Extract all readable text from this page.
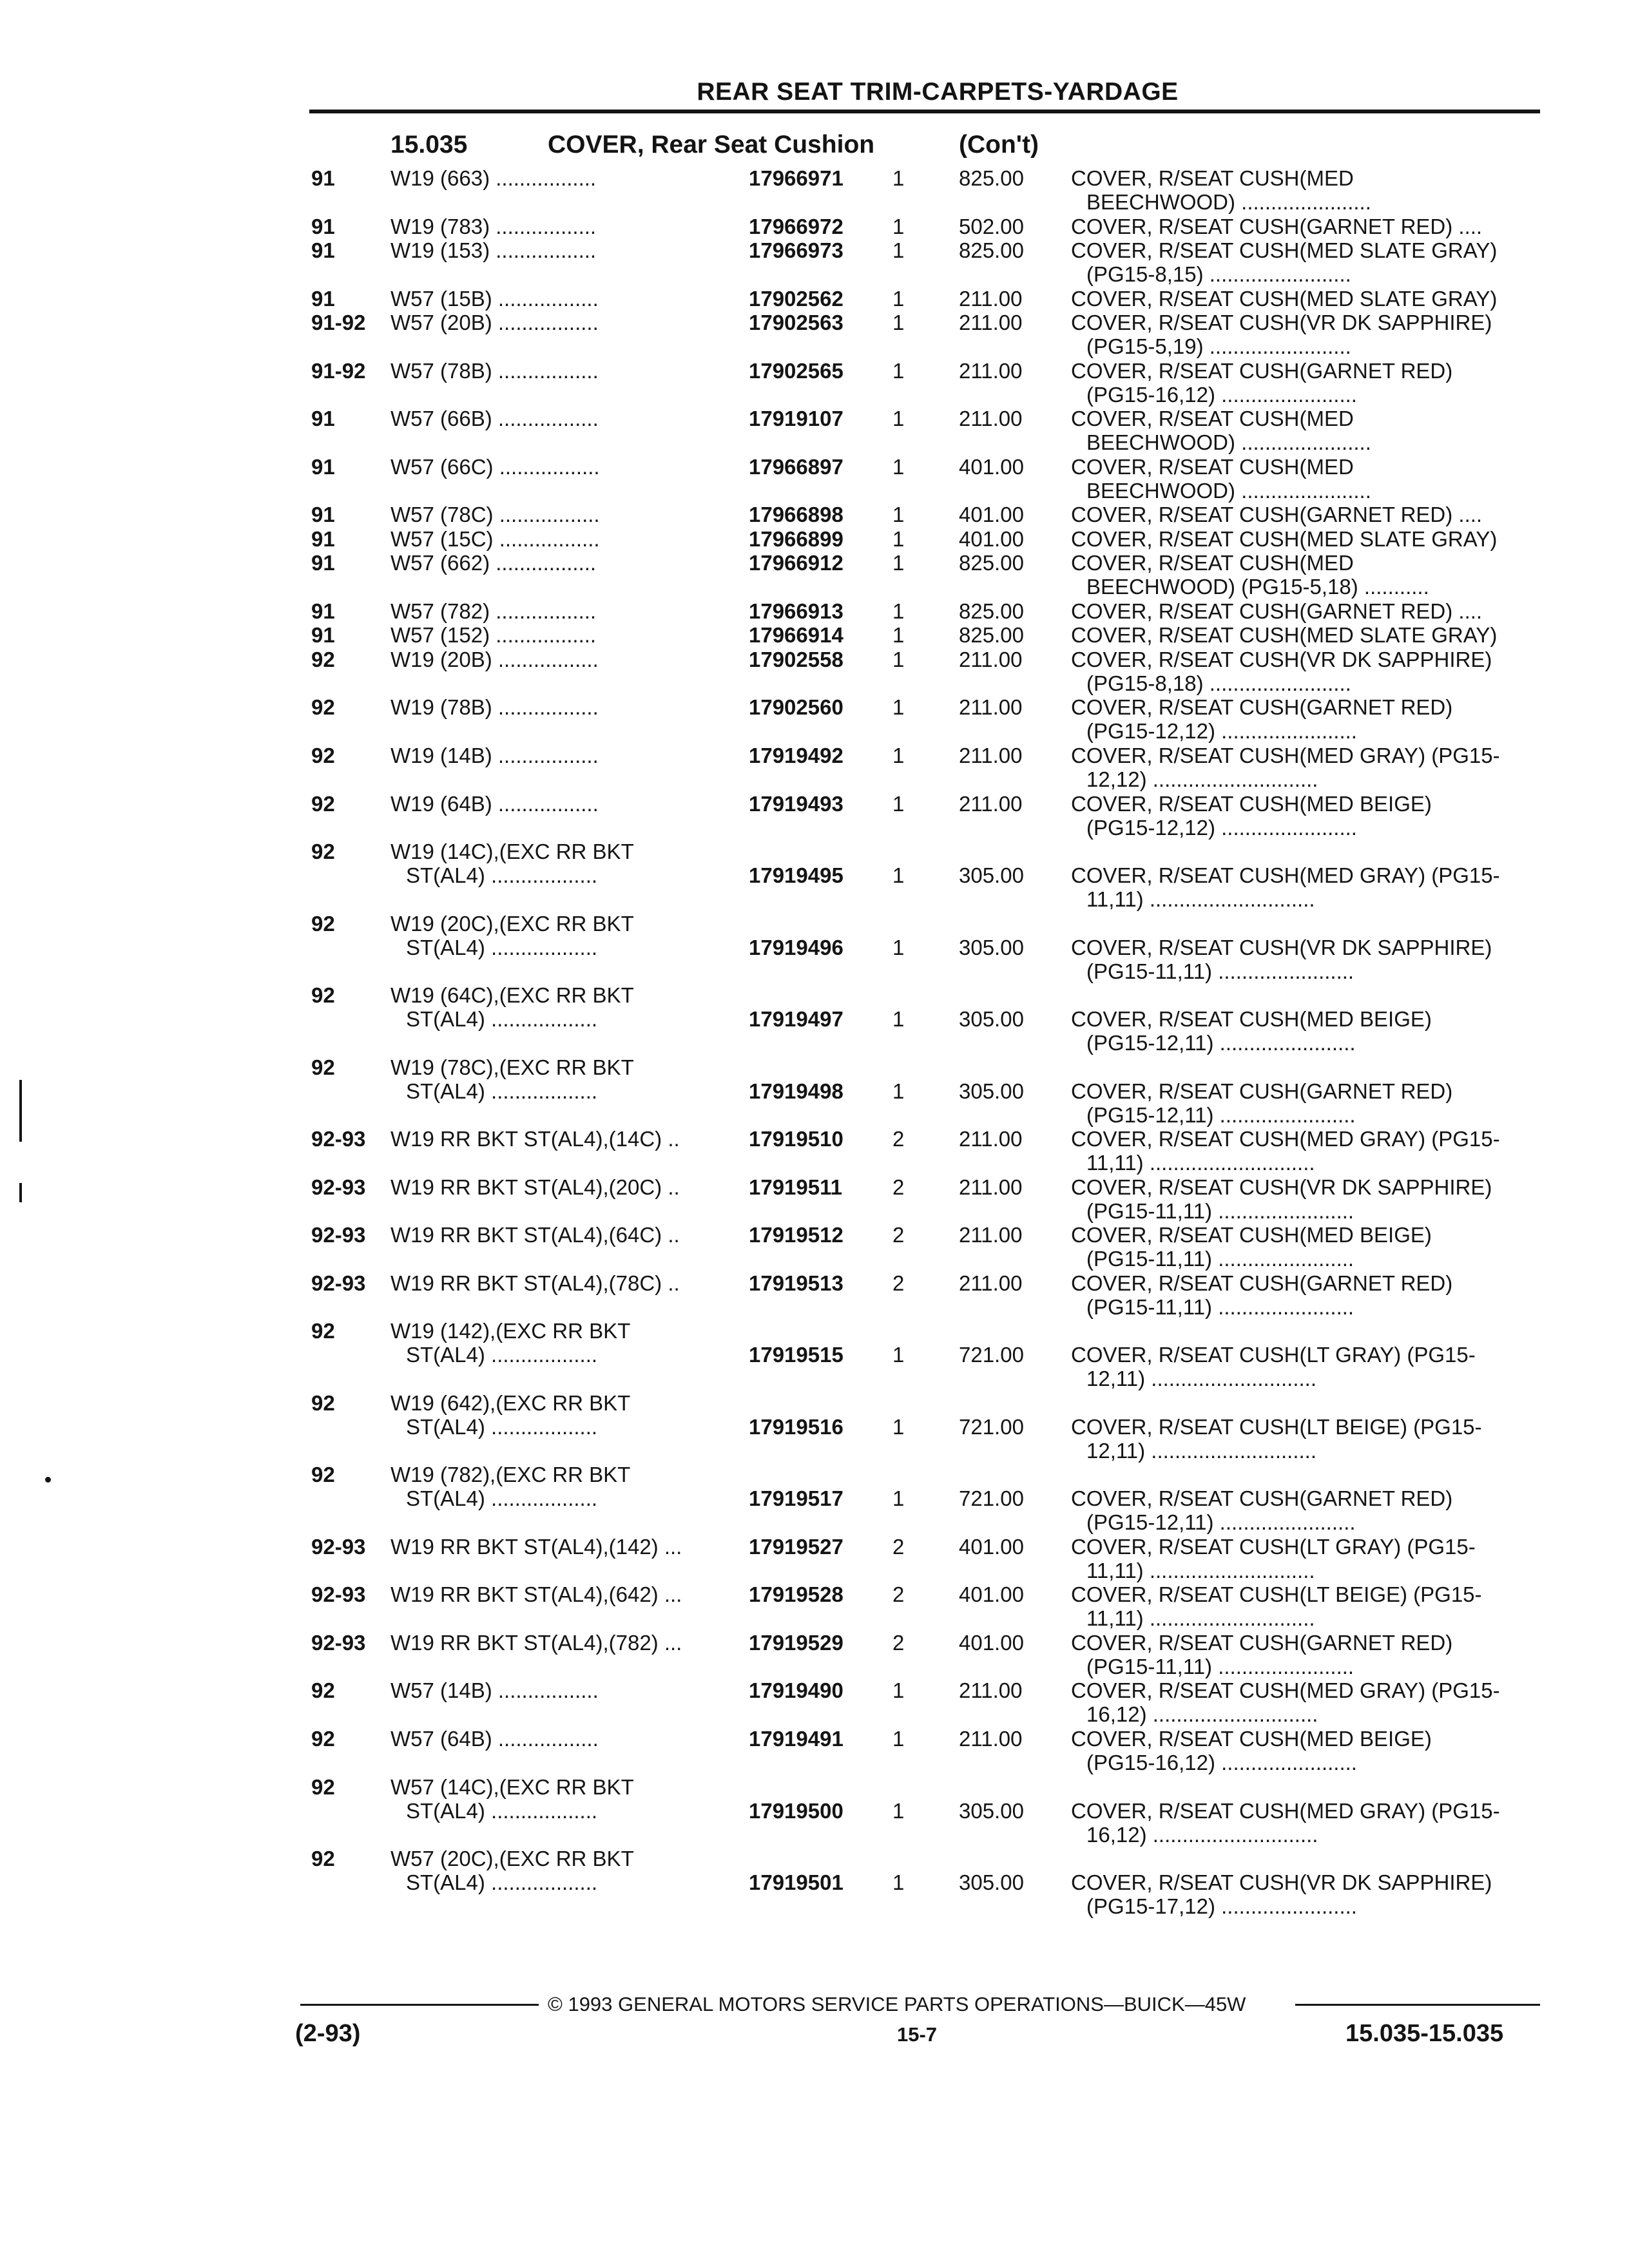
REAR SEAT TRIM-CARPETS-YARDAGE
15.035	COVER, Rear Seat Cushion	(Con't)
91	W19 (663) .................	17966971 1	825.00 COVER, R/SEAT CUSH(MED
BEECHWOOD) ......................
91	W19 (783) .................	17966972 1	502.00 COVER, R/SEAT CUSH(GARNET RED) ....
91	W19 (153) .................	17966973 1	825.00 COVER, R/SEAT CUSH(MED SLATE GRAY)
(PG15-8,15) ........................
91	W57 (15B) .................	17902562 1	211.00 COVER, R/SEAT CUSH(MED SLATE GRAY)
91-92 W57 (20B) .................	17902563 1	211.00 COVER, R/SEAT CUSH(VR DK SAPPHIRE)
(PG15-5,19) ........................
91-92 W57 (78B) .................	17902565 1	211.00 COVER, R/SEAT CUSH(GARNET RED)
(PG15-16,12) .......................
91	W57 (66B) .................	17919107 1	211.00 COVER, R/SEAT CUSH(MED
BEECHWOOD) ......................
91	W57 (66C) .................	17966897 1	401.00 COVER, R/SEAT CUSH(MED
BEECHWOOD) ......................
91	W57 (78C) .................	17966898 1	401.00 COVER, R/SEAT CUSH(GARNET RED) ....
91	W57 (15C) .................	17966899 1	401.00 COVER, R/SEAT CUSH(MED SLATE GRAY)
91	W57 (662) .................	17966912 1	825.00 COVER, R/SEAT CUSH(MED
BEECHWOOD) (PG15-5,18) ...........
91	W57 (782) .................	17966913 1	825.00 COVER, R/SEAT CUSH(GARNET RED) ....
91	W57 (152) .................	17966914 1	825.00 COVER, R/SEAT CUSH(MED SLATE GRAY)
92	W19 (20B) .................	17902558 1	211.00 COVER, R/SEAT CUSH(VR DK SAPPHIRE)
(PG15-8,18) ........................
92	W19 (78B) .................	17902560 1	211.00 COVER, R/SEAT CUSH(GARNET RED)
(PG15-12,12) .......................
92	W19 (14B) .................	17919492 1	211.00 COVER, R/SEAT CUSH(MED GRAY) (PG15-
12,12) ............................
92	W19 (64B) .................	17919493 1	211.00 COVER, R/SEAT CUSH(MED BEIGE)
(PG15-12,12) .......................
92	W19 (14C),(EXC RR BKT
ST(AL4) ..................	17919495 1	305.00 COVER, R/SEAT CUSH(MED GRAY) (PG15-
11,11) ............................
92	W19 (20C),(EXC RR BKT
ST(AL4) ..................	17919496 1	305.00 COVER, R/SEAT CUSH(VR DK SAPPHIRE)
(PG15-11,11) .......................
92	W19 (64C),(EXC RR BKT
ST(AL4) ..................	17919497 1	305.00 COVER, R/SEAT CUSH(MED BEIGE)
(PG15-12,11) .......................
92	W19 (78C),(EXC RR BKT
ST(AL4) ..................	17919498 1	305.00 COVER, R/SEAT CUSH(GARNET RED)
(PG15-12,11) .......................
92-93 W19 RR BKT ST(AL4),(14C) ..	17919510 2	211.00 COVER, R/SEAT CUSH(MED GRAY) (PG15-
11,11) ............................
92-93 W19 RR BKT ST(AL4),(20C) ..	17919511 2	211.00 COVER, R/SEAT CUSH(VR DK SAPPHIRE)
(PG15-11,11) .......................
92-93 W19 RR BKT ST(AL4),(64C) ..	17919512 2	211.00 COVER, R/SEAT CUSH(MED BEIGE)
(PG15-11,11) .......................
92-93 W19 RR BKT ST(AL4),(78C) ..	17919513 2	211.00 COVER, R/SEAT CUSH(GARNET RED)
(PG15-11,11) .......................
92	W19 (142),(EXC RR BKT
ST(AL4) ..................	17919515 1	721.00 COVER, R/SEAT CUSH(LT GRAY) (PG15-
12,11) ............................
92	W19 (642),(EXC RR BKT
ST(AL4) ..................	17919516 1	721.00 COVER, R/SEAT CUSH(LT BEIGE) (PG15-
12,11) ............................
92	W19 (782),(EXC RR BKT
ST(AL4) ..................	17919517 1	721.00 COVER, R/SEAT CUSH(GARNET RED)
(PG15-12,11) .......................
92-93 W19 RR BKT ST(AL4),(142) ...	17919527 2	401.00 COVER, R/SEAT CUSH(LT GRAY) (PG15-
11,11) ............................
92-93 W19 RR BKT ST(AL4),(642) ...	17919528 2	401.00 COVER, R/SEAT CUSH(LT BEIGE) (PG15-
11,11) ............................
92-93 W19 RR BKT ST(AL4),(782) ...	17919529 2	401.00 COVER, R/SEAT CUSH(GARNET RED)
(PG15-11,11) .......................
92	W57 (14B) .................	17919490 1	211.00 COVER, R/SEAT CUSH(MED GRAY) (PG15-
16,12) ............................
92	W57 (64B) .................	17919491 1	211.00 COVER, R/SEAT CUSH(MED BEIGE)
(PG15-16,12) .......................
92	W57 (14C),(EXC RR BKT
ST(AL4) ..................	17919500 1	305.00 COVER, R/SEAT CUSH(MED GRAY) (PG15-
16,12) ............................
92	W57 (20C),(EXC RR BKT
ST(AL4) ..................	17919501 1	305.00 COVER, R/SEAT CUSH(VR DK SAPPHIRE)
(PG15-17,12) .......................
© 1993 GENERAL MOTORS SERVICE PARTS OPERATIONS—BUICK—45W
(2-93)	15-7	15.035-15.035
